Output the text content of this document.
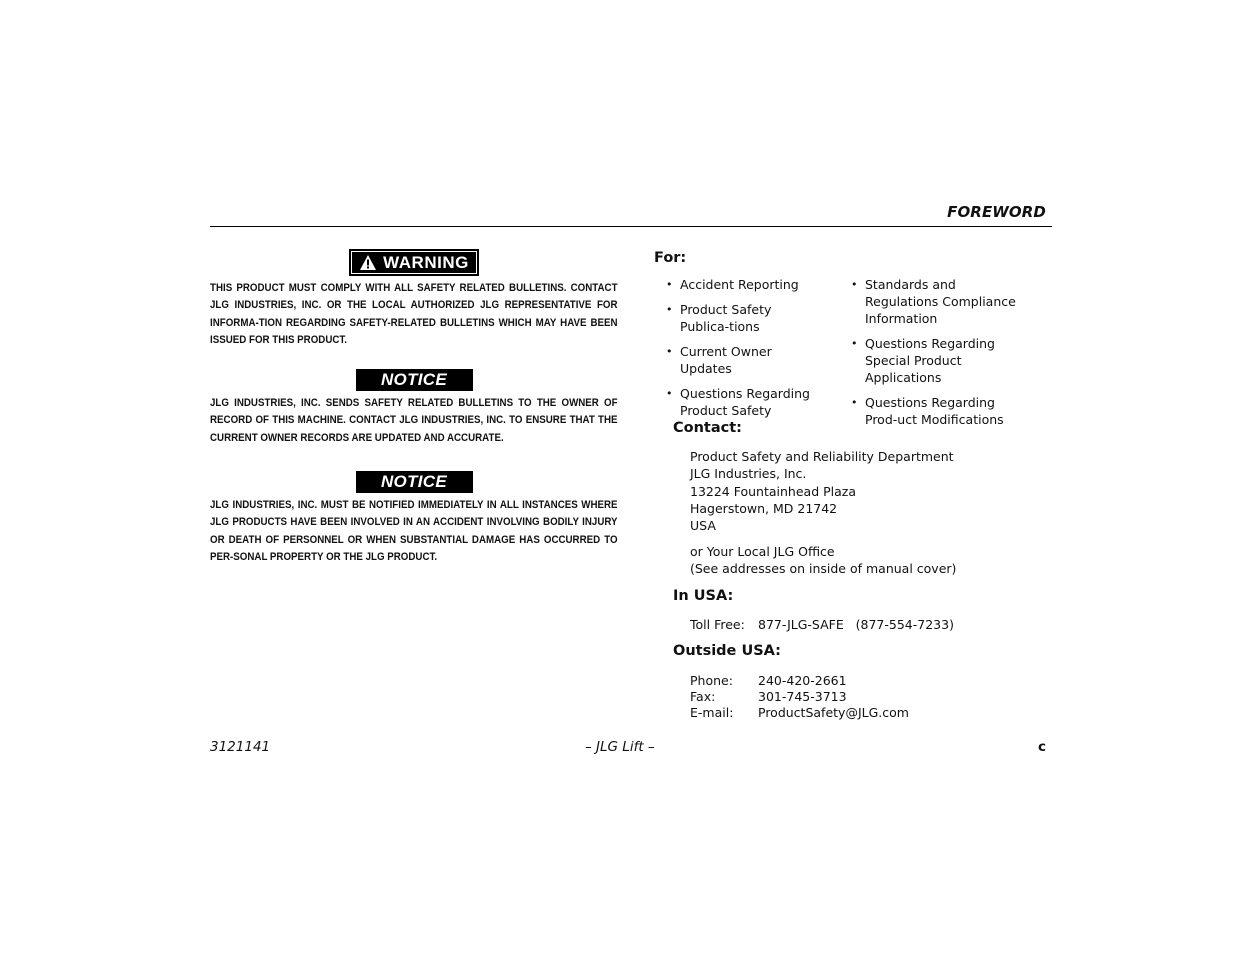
FOREWORD
WARNING
THIS PRODUCT MUST COMPLY WITH ALL SAFETY RELATED BULLETINS. CONTACT JLG INDUSTRIES, INC. OR THE LOCAL AUTHORIZED JLG REPRESENTATIVE FOR INFORMA-TION REGARDING SAFETY-RELATED BULLETINS WHICH MAY HAVE BEEN ISSUED FOR THIS PRODUCT.
NOTICE
JLG INDUSTRIES, INC. SENDS SAFETY RELATED BULLETINS TO THE OWNER OF RECORD OF THIS MACHINE. CONTACT JLG INDUSTRIES, INC. TO ENSURE THAT THE CURRENT OWNER RECORDS ARE UPDATED AND ACCURATE.
NOTICE
JLG INDUSTRIES, INC. MUST BE NOTIFIED IMMEDIATELY IN ALL INSTANCES WHERE JLG PRODUCTS HAVE BEEN INVOLVED IN AN ACCIDENT INVOLVING BODILY INJURY OR DEATH OF PERSONNEL OR WHEN SUBSTANTIAL DAMAGE HAS OCCURRED TO PER-SONAL PROPERTY OR THE JLG PRODUCT.
For:
• Accident Reporting
• Product Safety Publica-tions
• Current Owner Updates
• Questions Regarding Product Safety
• Standards and Regulations Compliance Information
• Questions Regarding Special Product Applications
• Questions Regarding Prod-uct Modifications
Contact:
Product Safety and Reliability Department
JLG Industries, Inc.
13224 Fountainhead Plaza
Hagerstown, MD 21742
USA
or Your Local JLG Office
(See addresses on inside of manual cover)
In USA:
Toll Free:	877-JLG-SAFE   (877-554-7233)
Outside USA:
Phone:	240-420-2661
Fax:	301-745-3713
E-mail:	ProductSafety@JLG.com
3121141	– JLG Lift –	c
